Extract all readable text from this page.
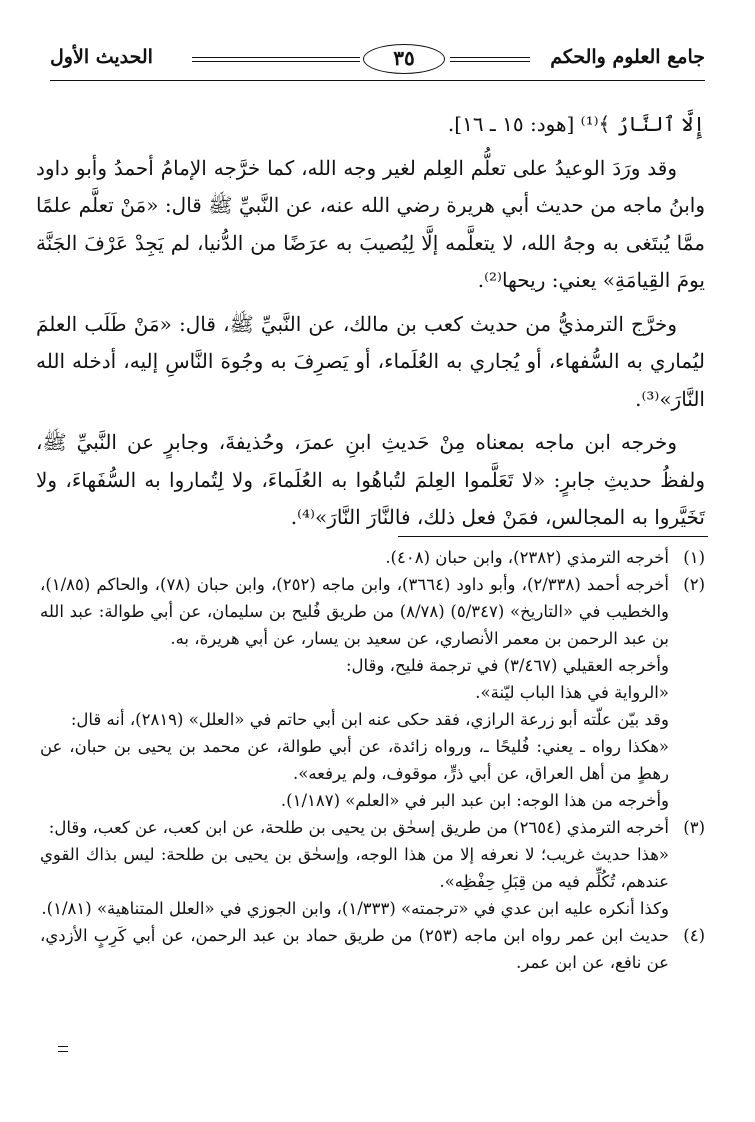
جامع العلوم والحكم
٣٥
الحديث الأول

إِلَّا ٱلنَّارُ ﴾⁽¹⁾ [هود: ١٥ ـ ١٦].

وقد ورَدَ الوعيدُ على تعلُّم العِلم لغير وجه الله، كما خرَّجه الإمامُ أحمدُ وأبو داود وابنُ ماجه من حديث أبي هريرة رضي الله عنه، عن النَّبيِّ ﷺ قال: «مَنْ تعلَّم علمًا ممَّا يُبتَغى به وجهُ الله، لا يتعلَّمه إلَّا لِيُصيبَ به عرَضًا من الدُّنيا، لم يَجِدْ عَرْفَ الجَنَّة يومَ القِيامَةِ» يعني: ريحها⁽²⁾.

وخرَّج الترمذيُّ من حديث كعب بن مالك، عن النَّبيِّ ﷺ، قال: «مَنْ طَلَب العلمَ ليُماري به السُّفهاء، أو يُجاري به العُلَماء، أو يَصرِفَ به وجُوهَ النَّاسِ إليه، أدخله الله النَّارَ»⁽³⁾.

وخرجه ابن ماجه بمعناه مِنْ حَديثِ ابنِ عمرَ، وحُذيفةَ، وجابرٍ عن النَّبيِّ ﷺ، ولفظُ حديثِ جابرٍ: «لا تَعَلَّموا العِلمَ لتُباهُوا به العُلَماءَ، ولا لِتُماروا به السُّفَهاءَ، ولا تَخَيَّروا به المجالس، فمَنْ فعل ذلك، فالنَّارَ النَّارَ»⁽⁴⁾.

(١)

أخرجه الترمذي (٢٣٨٢)، وابن حبان (٤٠٨).

(٢)

أخرجه أحمد (٢/٣٣٨)، وأبو داود (٣٦٦٤)، وابن ماجه (٢٥٢)، وابن حبان (٧٨)، والحاكم (١/٨٥)، والخطيب في «التاريخ» (٥/٣٤٧) (٨/٧٨) من طريق فُليح بن سليمان، عن أبي طوالة: عبد الله بن عبد الرحمن بن معمر الأنصاري، عن سعيد بن يسار، عن أبي هريرة، به.

وأخرجه العقيلي (٣/٤٦٧) في ترجمة فليح، وقال:

«الرواية في هذا الباب ليّنة».

وقد بيّن علّته أبو زرعة الرازي، فقد حكى عنه ابن أبي حاتم في «العلل» (٢٨١٩)، أنه قال:

«هكذا رواه ـ يعني: فُليحًا ـ، ورواه زائدة، عن أبي طوالة، عن محمد بن يحيى بن حبان، عن رهطٍ من أهل العراق، عن أبي ذرٍّ، موقوف، ولم يرفعه».

وأخرجه من هذا الوجه: ابن عبد البر في «العلم» (١/١٨٧).

(٣)

أخرجه الترمذي (٢٦٥٤) من طريق إسحٰق بن يحيى بن طلحة، عن ابن كعب، عن كعب، وقال:

«هذا حديث غريب؛ لا نعرفه إلا من هذا الوجه، وإسحٰق بن يحيى بن طلحة: ليس بذاك القوي عندهم، تُكُلِّم فيه من قِبَلِ حِفْظِه».

وكذا أنكره عليه ابن عدي في «ترجمته» (١/٣٣٣)، وابن الجوزي في «العلل المتناهية» (١/٨١).

(٤)

حديث ابن عمر رواه ابن ماجه (٢٥٣) من طريق حماد بن عبد الرحمن، عن أبي كَرِبٍ الأزدي، عن نافع، عن ابن عمر.
